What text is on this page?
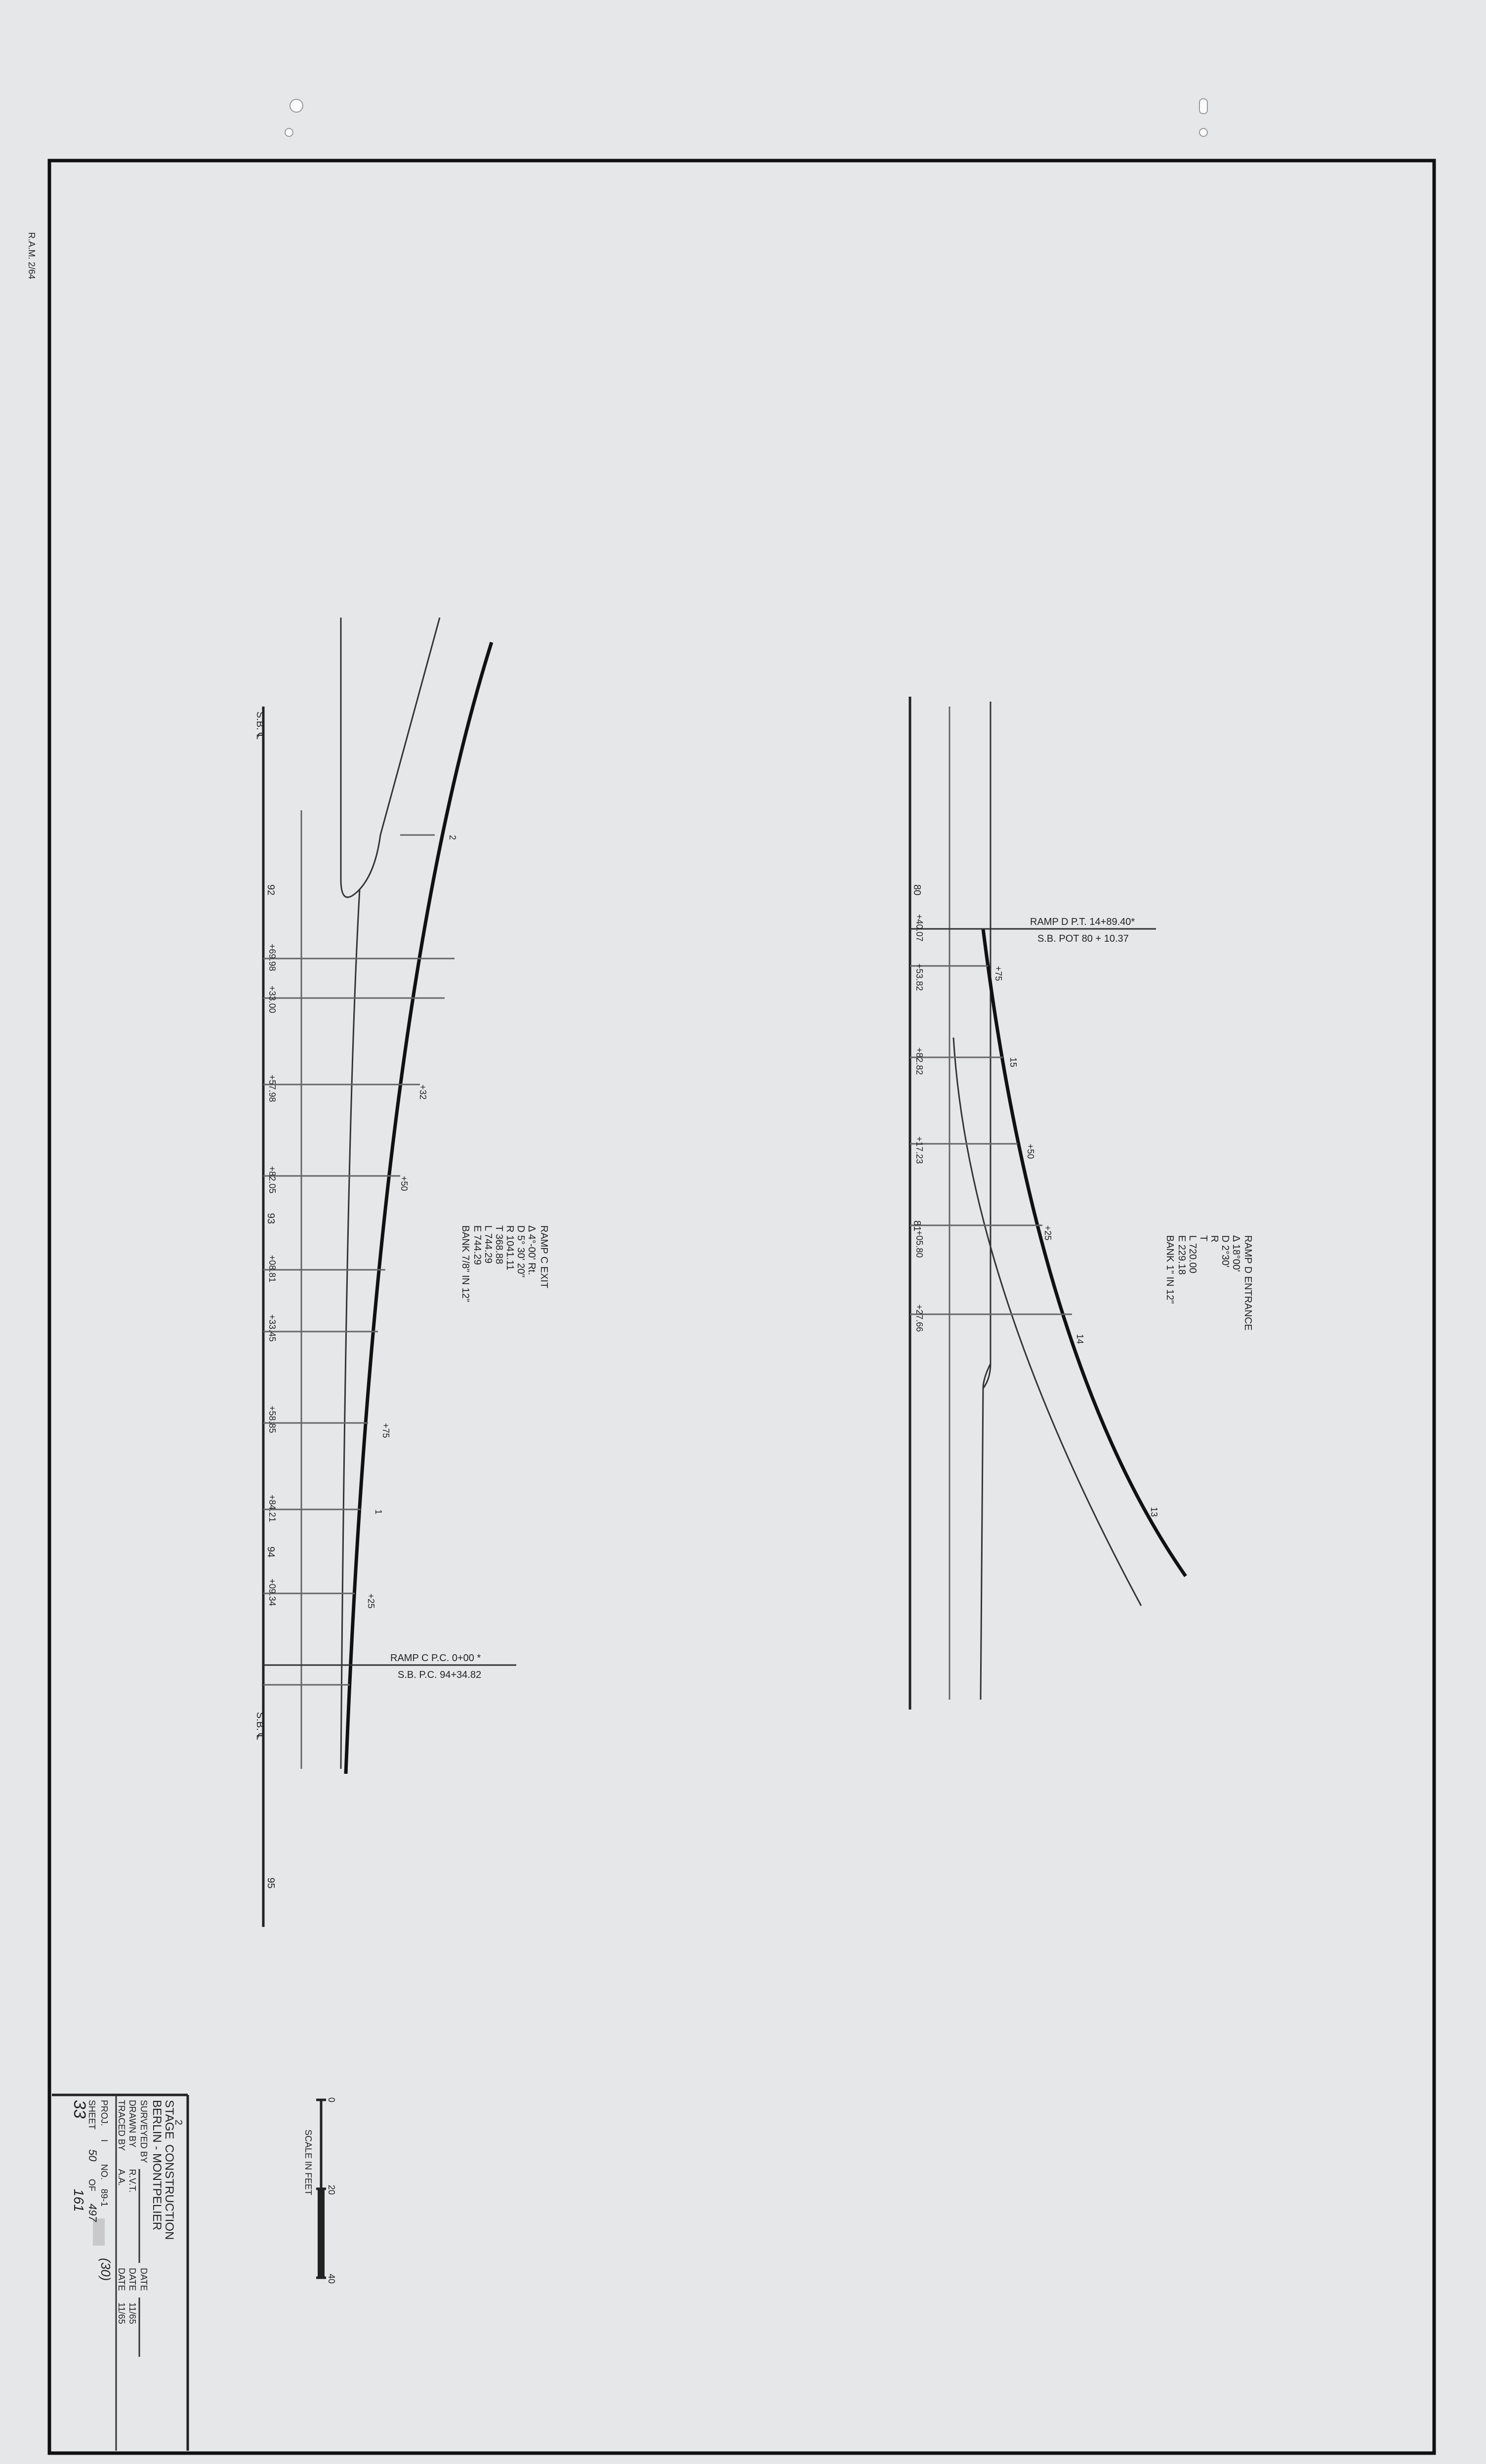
R.A.M. 2/64
S.B. ℄
S.B. ℄
92
93
94
95
+69.98
+33.00
+57.98
+82.05
+08.81
+33.45
+58.85
+84.21
+09.34
2
+32
+50
+75
1
+25
RAMP C EXIT
Δ 4°-00' Rt.
D 5° 30' 20"
R 1041.11
T 368.88
L 744.29
E 744.29
BANK 7/8" IN 12"
RAMP C P.C. 0+00 *
S.B. P.C. 94+34.82
80
81
+40.07
+53.82
+82.82
+17.23
+05.80
+27.66
+75
15
+50
+25
14
13
RAMP D ENTRANCE
Δ 18°00'
D 2°30'
R
T
L 720.00
E 229.18
BANK 1" IN 12"
RAMP D P.T. 14+89.40*
S.B. POT 80 + 10.37
0
20
40
SCALE IN FEET
2
STAGE
CONSTRUCTION
BERLIN - MONTPELIER
SURVEYED BY
DATE
DRAWN BY
R.V.T.
DATE
11/65
TRACED BY
A.A.
DATE
11/65
PROJ.
I
NO.
89-1
(30)
SHEET
50
OF
497
33
161
